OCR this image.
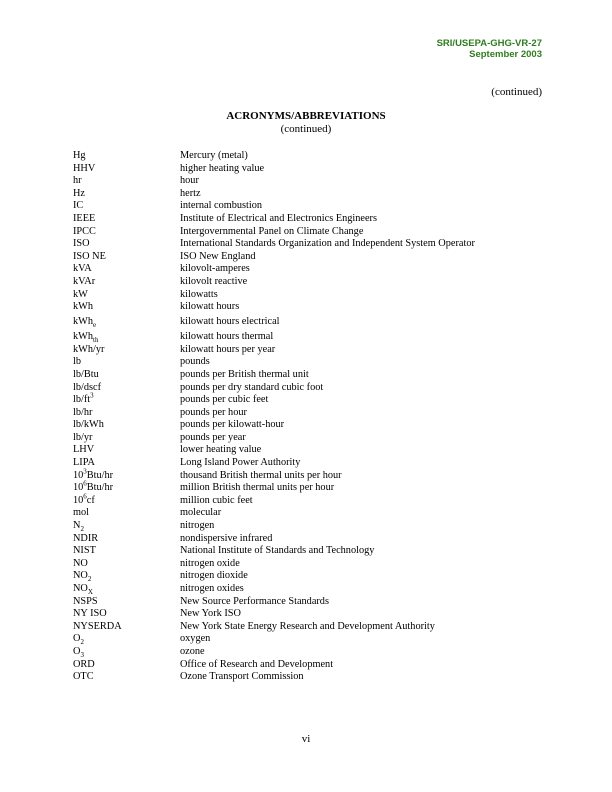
SRI/USEPA-GHG-VR-27
September 2003
(continued)
ACRONYMS/ABBREVIATIONS
(continued)
Hg	Mercury (metal)
HHV	higher heating value
hr	hour
Hz	hertz
IC	internal combustion
IEEE	Institute of Electrical and Electronics Engineers
IPCC	Intergovernmental Panel on Climate Change
ISO	International Standards Organization and Independent System Operator
ISO NE	ISO New England
kVA	kilovolt-amperes
kVAr	kilovolt reactive
kW	kilowatts
kWh	kilowatt hours
kWh$_e$	kilowatt hours electrical
kWh$_{th}$	kilowatt hours thermal
kWh/yr	kilowatt hours per year
lb	pounds
lb/Btu	pounds per British thermal unit
lb/dscf	pounds per dry standard cubic foot
$lb/ft^3$	pounds per cubic feet
lb/hr	pounds per hour
lb/kWh	pounds per kilowatt-hour
lb/yr	pounds per year
LHV	lower heating value
LIPA	Long Island Power Authority
$10^3Btu/hr$	thousand British thermal units per hour
$10^6Btu/hr$	million British thermal units per hour
$10^6cf$	million cubic feet
mol	molecular
$N_2$	nitrogen
NDIR	nondispersive infrared
NIST	National Institute of Standards and Technology
NO	nitrogen oxide
$NO_2$	nitrogen dioxide
$NO_X$	nitrogen oxides
NSPS	New Source Performance Standards
NY ISO	New York ISO
NYSERDA	New York State Energy Research and Development Authority
$O_2$	oxygen
$O_3$	ozone
ORD	Office of Research and Development
OTC	Ozone Transport Commission
vi
